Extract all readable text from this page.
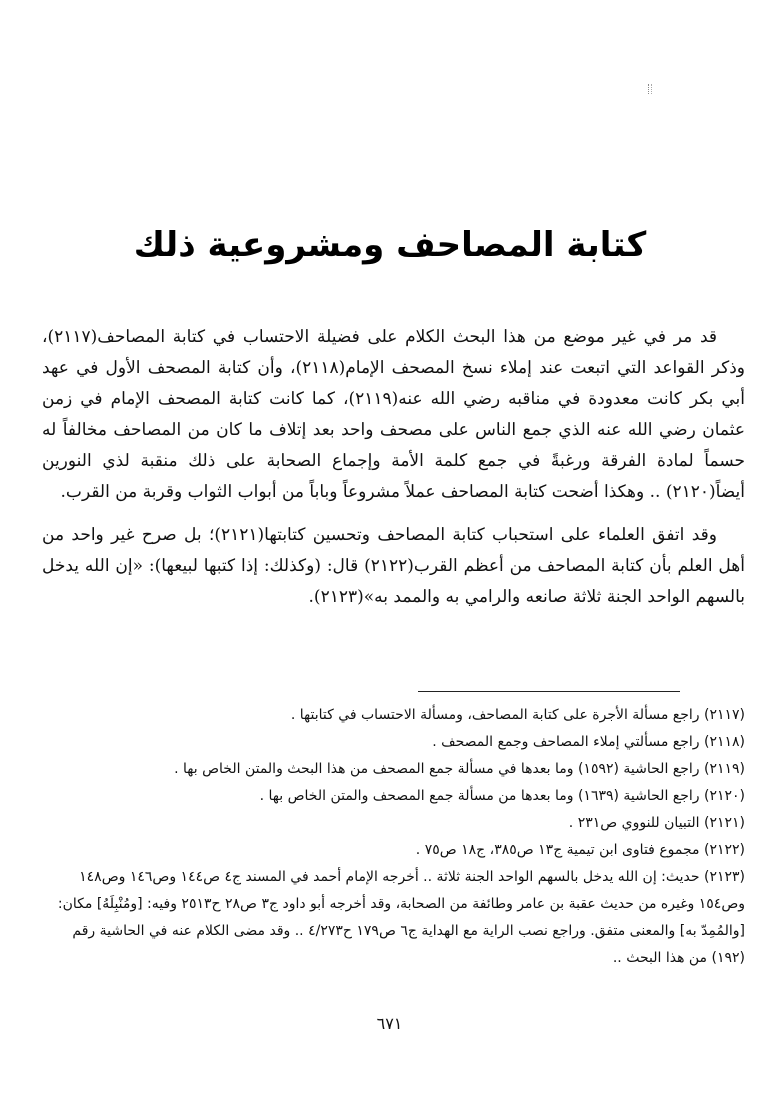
كتابة المصاحف ومشروعية ذلك

قد مر في غير موضع من هذا البحث الكلام على فضيلة الاحتساب في كتابة المصاحف(٢١١٧)، وذكر القواعد التي اتبعت عند إملاء نسخ المصحف الإمام(٢١١٨)، وأن كتابة المصحف الأول في عهد أبي بكر كانت معدودة في مناقبه رضي الله عنه(٢١١٩)، كما كانت كتابة المصحف الإمام في زمن عثمان رضي الله عنه الذي جمع الناس على مصحف واحد بعد إتلاف ما كان من المصاحف مخالفاً له حسماً لمادة الفرقة ورغبةً في جمع كلمة الأمة وإجماع الصحابة على ذلك منقبة لذي النورين أيضاً(٢١٢٠) .. وهكذا أضحت كتابة المصاحف عملاً مشروعاً وباباً من أبواب الثواب وقربة من القرب.

وقد اتفق العلماء على استحباب كتابة المصاحف وتحسين كتابتها(٢١٢١)؛ بل صرح غير واحد من أهل العلم بأن كتابة المصاحف من أعظم القرب(٢١٢٢) قال: (وكذلك: إذا كتبها لبيعها): «إن الله يدخل بالسهم الواحد الجنة ثلاثة صانعه والرامي به والممد به»(٢١٢٣).

(٢١١٧) راجع مسألة الأجرة على كتابة المصاحف، ومسألة الاحتساب في كتابتها .

(٢١١٨) راجع مسألتي إملاء المصاحف وجمع المصحف .

(٢١١٩) راجع الحاشية (١٥٩٢) وما بعدها في مسألة جمع المصحف من هذا البحث والمتن الخاص بها .

(٢١٢٠) راجع الحاشية (١٦٣٩) وما بعدها من مسألة جمع المصحف والمتن الخاص بها .

(٢١٢١) التبيان للنووي ص٢٣١ .

(٢١٢٢) مجموع فتاوى ابن تيمية ج١٣ ص٣٨٥، ج١٨ ص٧٥ .

(٢١٢٣) حديث: إن الله يدخل بالسهم الواحد الجنة ثلاثة .. أخرجه الإمام أحمد في المسند ج٤ ص١٤٤ وص١٤٦ وص١٤٨ وص١٥٤ وغيره من حديث عقبة بن عامر وطائفة من الصحابة، وقد أخرجه أبو داود ج٣ ص٢٨ ح٢٥١٣ وفيه: [ومُنْبِلَهُ] مكان: [والمُمِدّ به] والمعنى متفق. وراجع نصب الراية مع الهداية ج٦ ص١٧٩ ح٤/٢٧٣ .. وقد مضى الكلام عنه في الحاشية رقم (١٩٢) من هذا البحث ..

٦٧١
